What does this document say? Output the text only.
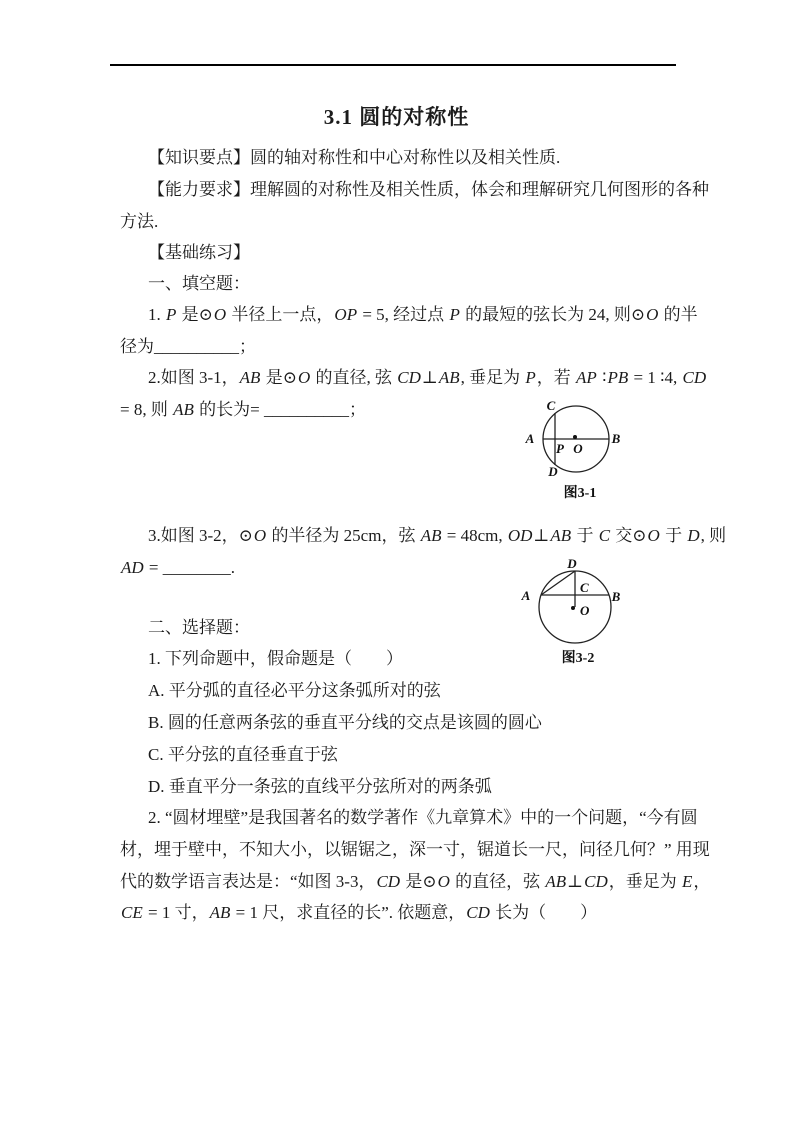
3.1 圆的对称性
【知识要点】圆的轴对称性和中心对称性以及相关性质.
【能力要求】理解圆的对称性及相关性质，体会和理解研究几何图形的各种
方法.
【基础练习】
一、填空题：
1. P 是⊙O 半径上一点，OP = 5, 经过点 P 的最短的弦长为 24, 则⊙O 的半
径为__________；
2.如图 3-1，AB 是⊙O 的直径, 弦 CD⊥AB, 垂足为 P，若 AP ∶PB = 1 ∶4, CD
= 8, 则 AB 的长为= __________；	C
A	B
P O
D
图3-1
3.如图 3-2，⊙O 的半径为 25cm，弦 AB = 48cm, OD⊥AB 于 C 交⊙O 于 D, 则
AD = ________.	D
C
A	B
O
图3-2
二、选择题：
1. 下列命题中，假命题是（　　）
A. 平分弧的直径必平分这条弧所对的弦
B. 圆的任意两条弦的垂直平分线的交点是该圆的圆心
C. 平分弦的直径垂直于弦
D. 垂直平分一条弦的直线平分弦所对的两条弧
2. “圆材埋壁”是我国著名的数学著作《九章算术》中的一个问题，“今有圆
材，埋于壁中，不知大小，以锯锯之，深一寸，锯道长一尺，问径几何？” 用现
代的数学语言表达是：“如图 3-3，CD 是⊙O 的直径，弦 AB⊥CD，垂足为 E，
CE = 1 寸，AB = 1 尺，求直径的长”. 依题意，CD 长为（　　）
